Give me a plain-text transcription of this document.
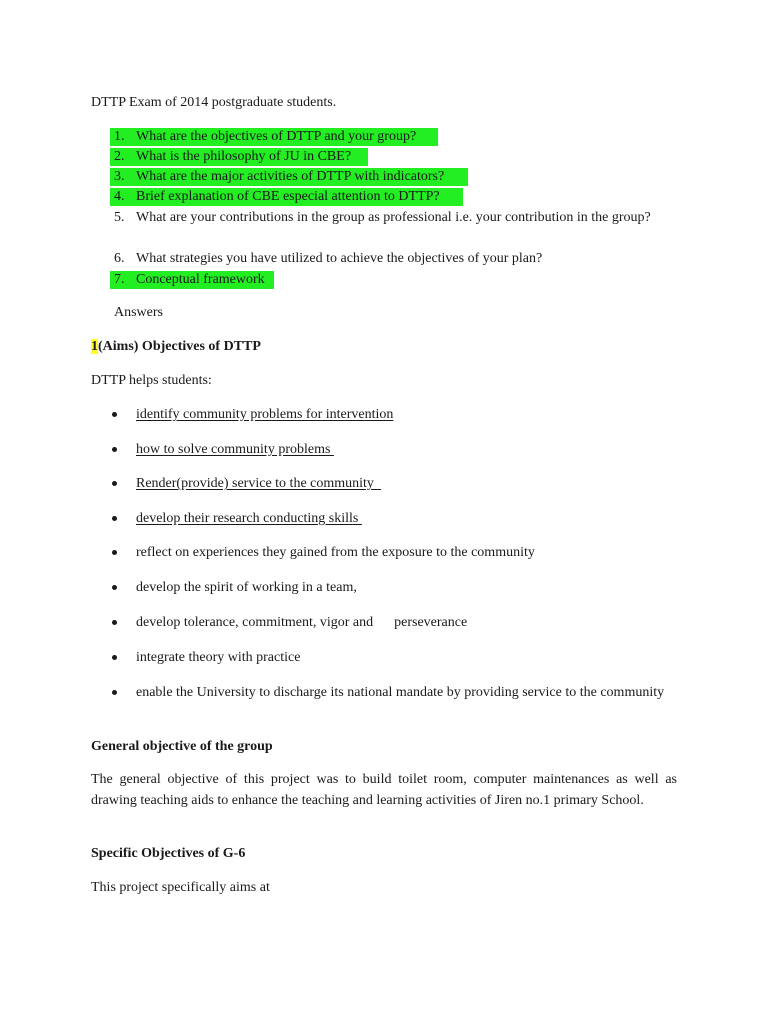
DTTP Exam of 2014 postgraduate students.
1. What are the objectives of DTTP and your group?
2. What is the philosophy of JU in CBE?
3. What are the major activities of DTTP with indicators?
4. Brief explanation of CBE especial attention to DTTP?
5. What are your contributions in the group as professional i.e. your contribution in the group?
6. What strategies you have utilized to achieve the objectives of your plan?
7. Conceptual framework
Answers
1(Aims) Objectives of DTTP
DTTP helps students:
identify community problems for intervention
how to solve community problems
Render(provide) service to the community
develop their research conducting skills
reflect on experiences they gained from the exposure to the community
develop the spirit of working in a team,
develop tolerance, commitment, vigor and      perseverance
integrate theory with practice
enable the University to discharge its national mandate by providing service to the community
General objective of the group
The general objective of this project was to build toilet room, computer maintenances as well as drawing teaching aids to enhance the teaching and learning activities of Jiren no.1 primary School.
Specific Objectives of G-6
This project specifically aims at
